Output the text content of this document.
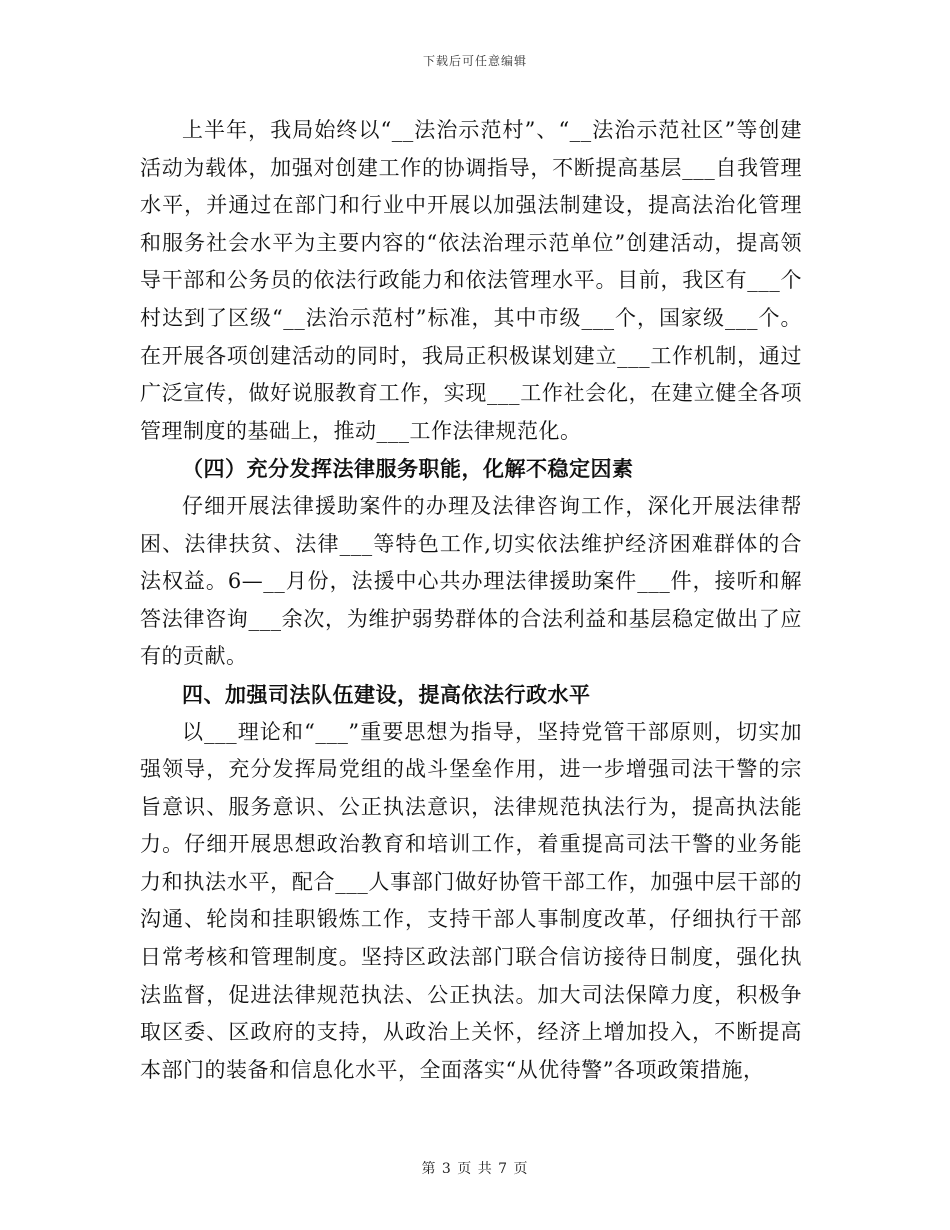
下载后可任意编辑

上半年，我局始终以“__法治示范村”、“__法治示范社区”等创建活动为载体，加强对创建工作的协调指导，不断提高基层___自我管理水平，并通过在部门和行业中开展以加强法制建设，提高法治化管理和服务社会水平为主要内容的“依法治理示范单位”创建活动，提高领导干部和公务员的依法行政能力和依法管理水平。目前，我区有___个村达到了区级“__法治示范村”标准，其中市级___个，国家级___个。在开展各项创建活动的同时，我局正积极谋划建立___工作机制，通过广泛宣传，做好说服教育工作，实现___工作社会化，在建立健全各项管理制度的基础上，推动___工作法律规范化。

（四）充分发挥法律服务职能，化解不稳定因素

仔细开展法律援助案件的办理及法律咨询工作，深化开展法律帮困、法律扶贫、法律___等特色工作,切实依法维护经济困难群体的合法权益。6—__月份，法援中心共办理法律援助案件___件，接听和解答法律咨询___余次，为维护弱势群体的合法利益和基层稳定做出了应有的贡献。

四、加强司法队伍建设，提高依法行政水平

以___理论和“___”重要思想为指导，坚持党管干部原则，切实加强领导，充分发挥局党组的战斗堡垒作用，进一步增强司法干警的宗旨意识、服务意识、公正执法意识，法律规范执法行为，提高执法能力。仔细开展思想政治教育和培训工作，着重提高司法干警的业务能力和执法水平，配合___人事部门做好协管干部工作，加强中层干部的沟通、轮岗和挂职锻炼工作，支持干部人事制度改革，仔细执行干部日常考核和管理制度。坚持区政法部门联合信访接待日制度，强化执法监督，促进法律规范执法、公正执法。加大司法保障力度，积极争取区委、区政府的支持，从政治上关怀，经济上增加投入，不断提高本部门的装备和信息化水平，全面落实“从优待警”各项政策措施，

第 3 页 共 7 页
